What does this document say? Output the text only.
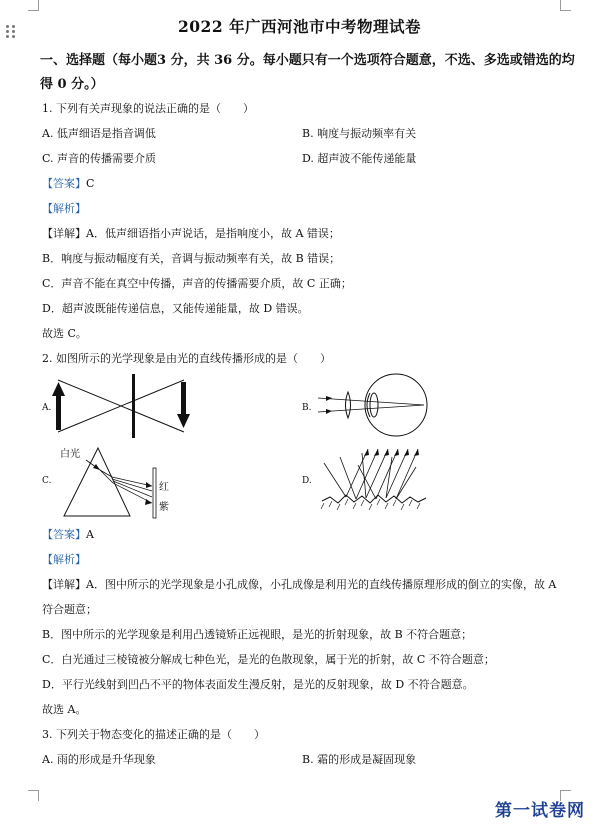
2022 年广西河池市中考物理试卷
一、选择题（每小题3 分，共 36 分。每小题只有一个选项符合题意，不选、多选或错选的均
得 0 分。）
1. 下列有关声现象的说法正确的是（　　）
A. 低声细语是指音调低	B. 响度与振动频率有关
C. 声音的传播需要介质	D. 超声波不能传递能量
【答案】C
【解析】
【详解】A．低声细语指小声说话，是指响度小，故 A 错误；
B．响度与振动幅度有关，音调与振动频率有关，故 B 错误；
C．声音不能在真空中传播，声音的传播需要介质，故 C 正确；
D．超声波既能传递信息，又能传递能量，故 D 错误。
故选 C。
2. 如图所示的光学现象是由光的直线传播形成的是（　　）
A.	B.
C.
白光
红
紫
D.
【答案】A
【解析】
【详解】A．图中所示的光学现象是小孔成像，小孔成像是利用光的直线传播原理形成的倒立的实像，故 A
符合题意；
B．图中所示的光学现象是利用凸透镜矫正远视眼，是光的折射现象，故 B 不符合题意；
C．白光通过三棱镜被分解成七种色光，是光的色散现象，属于光的折射，故 C 不符合题意；
D．平行光线射到凹凸不平的物体表面发生漫反射，是光的反射现象，故 D 不符合题意。
故选 A。
3. 下列关于物态变化的描述正确的是（　　）
A. 雨的形成是升华现象	B. 霜的形成是凝固现象
第一试卷网
